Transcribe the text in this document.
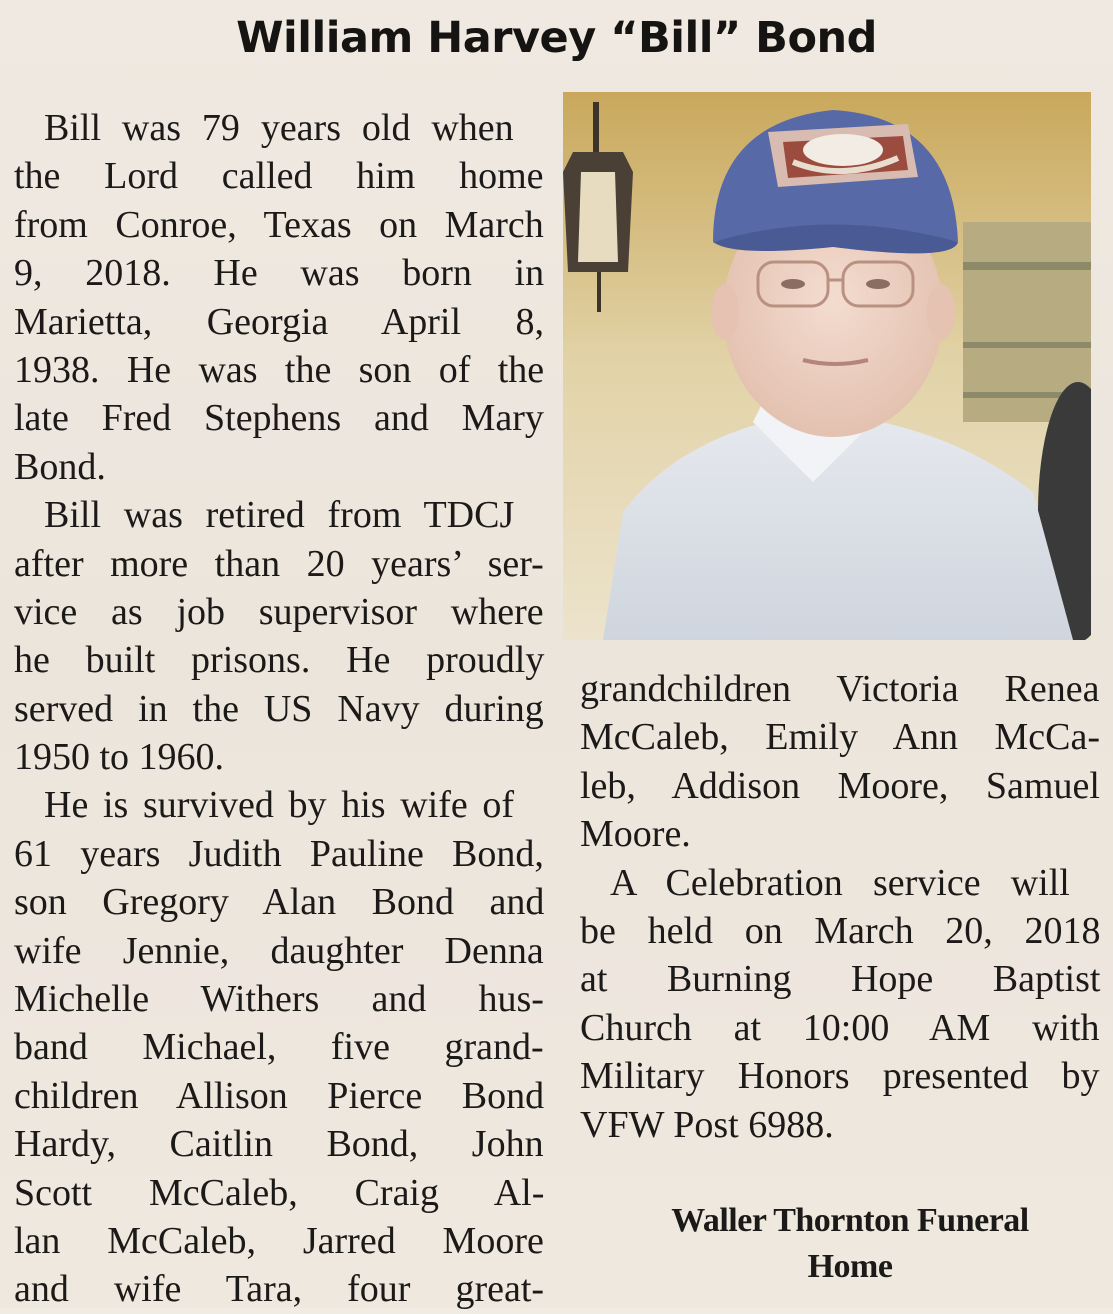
William Harvey “Bill” Bond
Bill was 79 years old when
the Lord called him home
from Conroe, Texas on March
9, 2018. He was born in
Marietta, Georgia April 8,
1938. He was the son of the
late Fred Stephens and Mary
Bond.
Bill was retired from TDCJ
after more than 20 years’ ser-
vice as job supervisor where
he built prisons. He proudly
served in the US Navy during
1950 to 1960.
He is survived by his wife of
61 years Judith Pauline Bond,
son Gregory Alan Bond and
wife Jennie, daughter Denna
Michelle Withers and hus-
band Michael, five grand-
children Allison Pierce Bond
Hardy, Caitlin Bond, John
Scott McCaleb, Craig Al-
lan McCaleb, Jarred Moore
and wife Tara, four great-
grandchildren Victoria Renea
McCaleb, Emily Ann McCa-
leb, Addison Moore, Samuel
Moore.
A Celebration service will
be held on March 20, 2018
at Burning Hope Baptist
Church at 10:00 AM with
Military Honors presented by
VFW Post 6988.
Waller Thornton Funeral
Home
